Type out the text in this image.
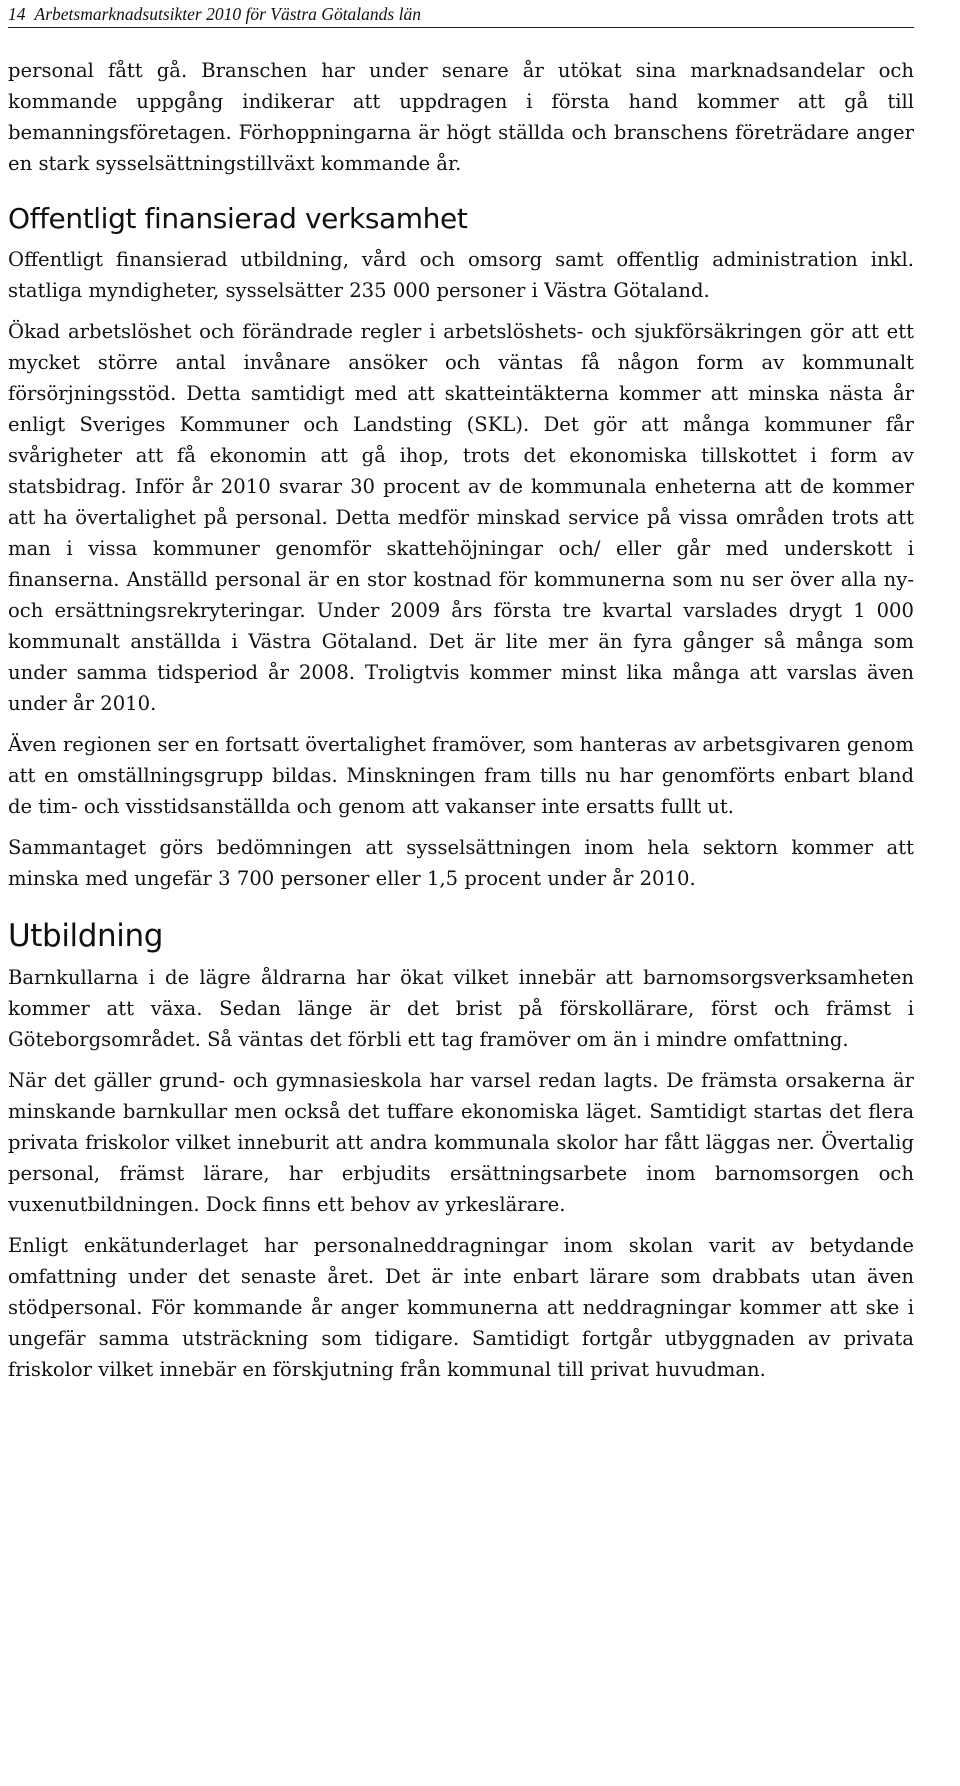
14 Arbetsmarknadsutsikter 2010 för Västra Götalands län

personal fått gå. Branschen har under senare år utökat sina marknadsandelar och kommande uppgång indikerar att uppdragen i första hand kommer att gå till bemanningsföretagen. Förhoppningarna är högt ställda och branschens företrädare anger en stark sysselsättningstillväxt kommande år.

Offentligt finansierad verksamhet

Offentligt finansierad utbildning, vård och omsorg samt offentlig administration inkl. statliga myndigheter, sysselsätter 235 000 personer i Västra Götaland.

Ökad arbetslöshet och förändrade regler i arbetslöshets- och sjukförsäkringen gör att ett mycket större antal invånare ansöker och väntas få någon form av kommunalt försörjningsstöd. Detta samtidigt med att skatteintäkterna kommer att minska nästa år enligt Sveriges Kommuner och Landsting (SKL). Det gör att många kommuner får svårigheter att få ekonomin att gå ihop, trots det ekonomiska tillskottet i form av statsbidrag. Inför år 2010 svarar 30 procent av de kommunala enheterna att de kommer att ha övertalighet på personal. Detta medför minskad service på vissa områden trots att man i vissa kommuner genomför skattehöjningar och/ eller går med underskott i finanserna. Anställd personal är en stor kostnad för kommunerna som nu ser över alla ny- och ersättningsrekryteringar. Under 2009 års första tre kvartal varslades drygt 1 000 kommunalt anställda i Västra Götaland. Det är lite mer än fyra gånger så många som under samma tidsperiod år 2008. Troligtvis kommer minst lika många att varslas även under år 2010.

Även regionen ser en fortsatt övertalighet framöver, som hanteras av arbetsgivaren genom att en omställningsgrupp bildas. Minskningen fram tills nu har genomförts enbart bland de tim- och visstidsanställda och genom att vakanser inte ersatts fullt ut.

Sammantaget görs bedömningen att sysselsättningen inom hela sektorn kommer att minska med ungefär 3 700 personer eller 1,5 procent under år 2010.

Utbildning

Barnkullarna i de lägre åldrarna har ökat vilket innebär att barnomsorgsverksamheten kommer att växa. Sedan länge är det brist på förskollärare, först och främst i Göteborgsområdet. Så väntas det förbli ett tag framöver om än i mindre omfattning.

När det gäller grund- och gymnasieskola har varsel redan lagts. De främsta orsakerna är minskande barnkullar men också det tuffare ekonomiska läget. Samtidigt startas det flera privata friskolor vilket inneburit att andra kommunala skolor har fått läggas ner. Övertalig personal, främst lärare, har erbjudits ersättningsarbete inom barnomsorgen och vuxenutbildningen. Dock finns ett behov av yrkeslärare.

Enligt enkätunderlaget har personalneddragningar inom skolan varit av betydande omfattning under det senaste året. Det är inte enbart lärare som drabbats utan även stödpersonal. För kommande år anger kommunerna att neddragningar kommer att ske i ungefär samma utsträckning som tidigare. Samtidigt fortgår utbyggnaden av privata friskolor vilket innebär en förskjutning från kommunal till privat huvudman.
